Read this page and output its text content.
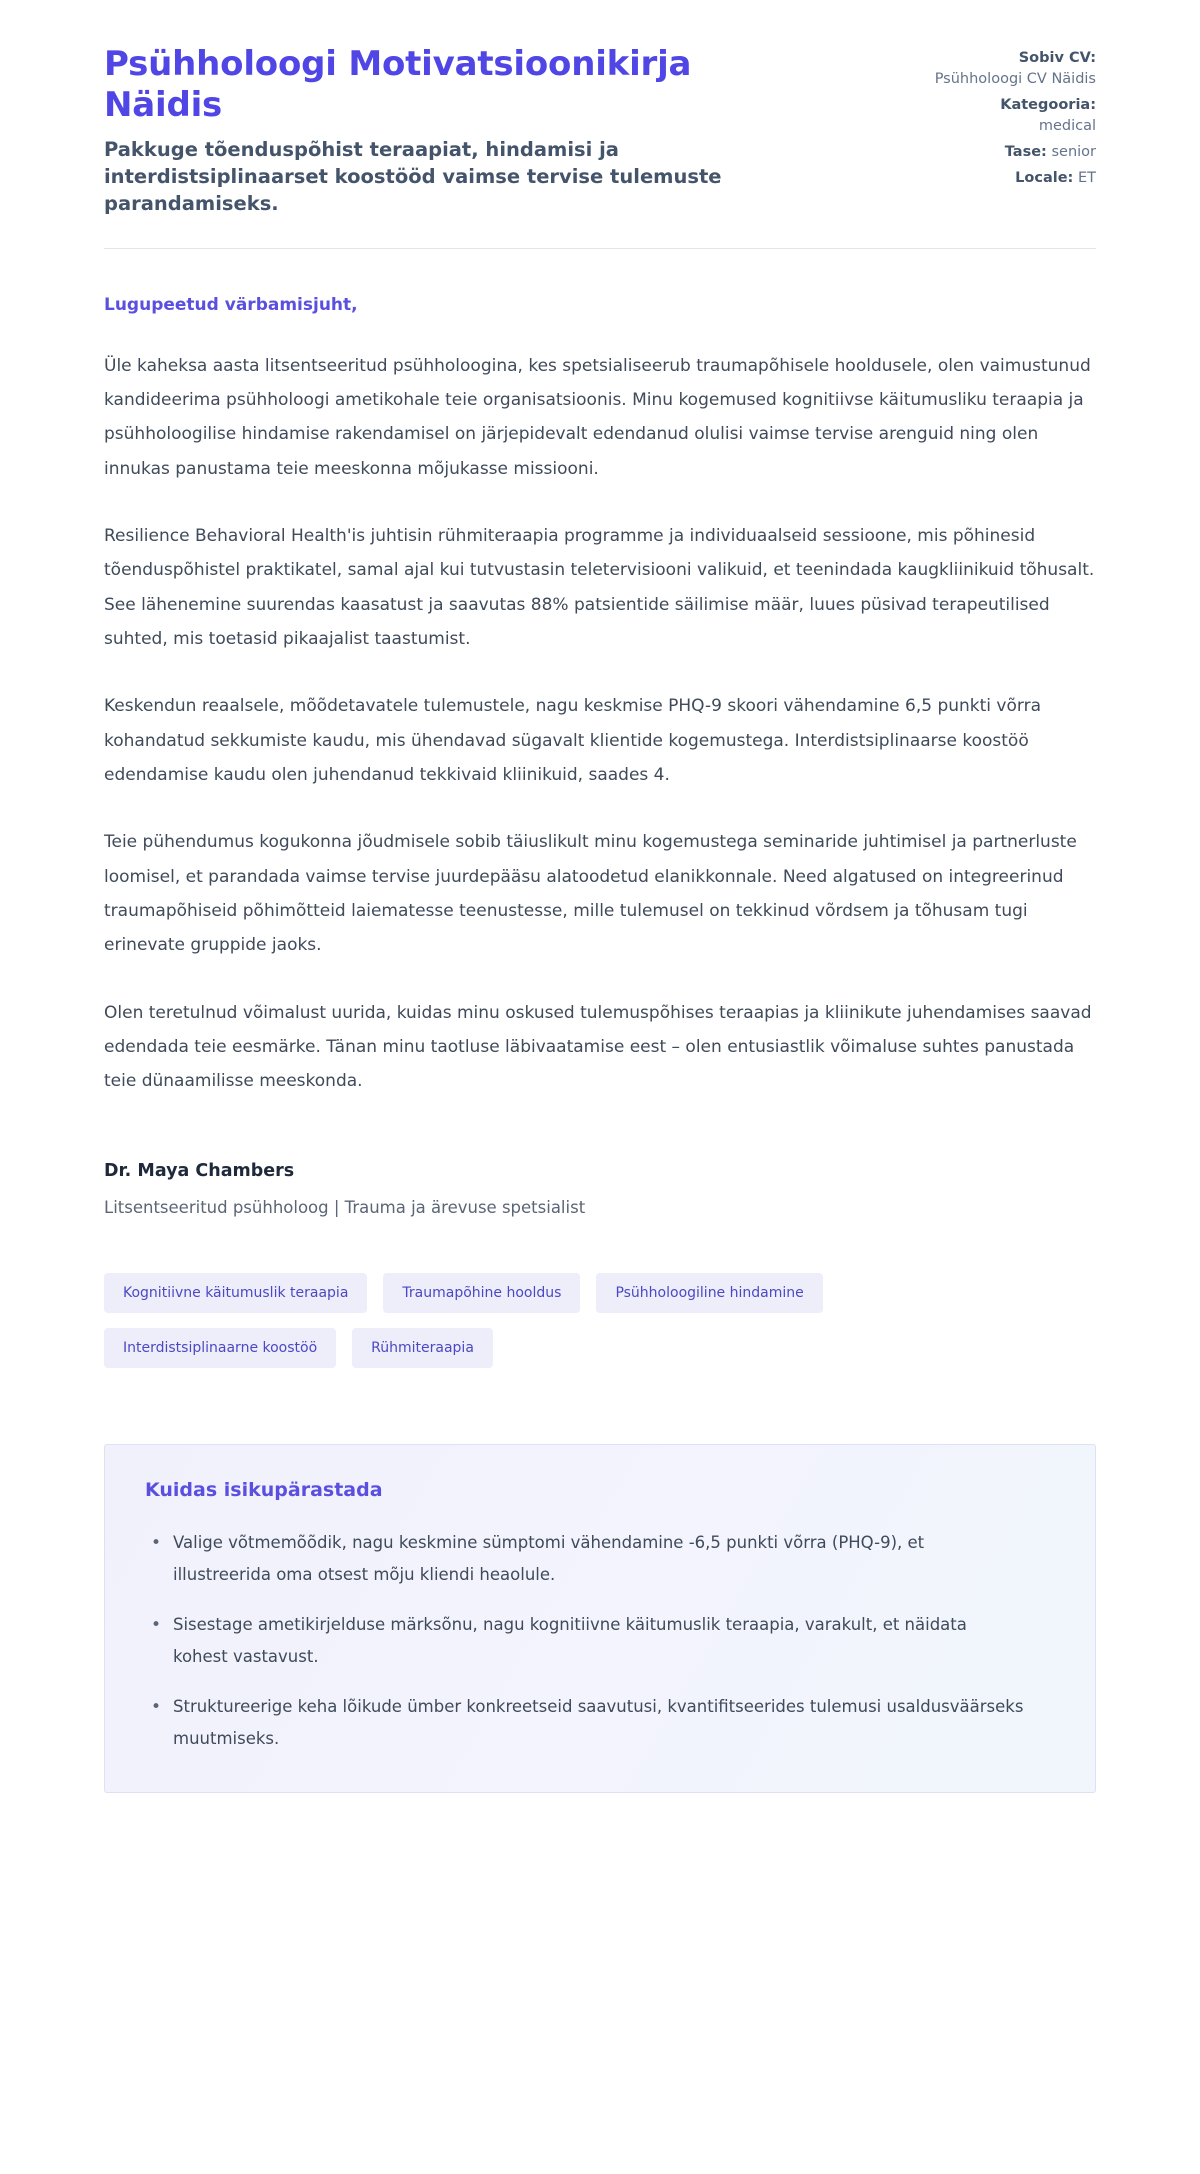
Psühholoogi Motivatsioonikirja Näidis

Pakkuge tõenduspõhist teraapiat, hindamisi ja interdistsiplinaarset koostööd vaimse tervise tulemuste parandamiseks.

Sobiv CV:
Psühholoogi CV Näidis
Kategooria:
medical
Tase: senior
Locale: ET

Lugupeetud värbamisjuht,

Üle kaheksa aasta litsentseeritud psühholoogina, kes spetsialiseerub traumapõhisele hooldusele, olen vaimustunud kandideerima psühholoogi ametikohale teie organisatsioonis. Minu kogemused kognitiivse käitumusliku teraapia ja psühholoogilise hindamise rakendamisel on järjepidevalt edendanud olulisi vaimse tervise arenguid ning olen innukas panustama teie meeskonna mõjukasse missiooni.

Resilience Behavioral Health'is juhtisin rühmiteraapia programme ja individuaalseid sessioone, mis põhinesid tõenduspõhistel praktikatel, samal ajal kui tutvustasin teletervisiooni valikuid, et teenindada kaugkliinikuid tõhusalt. See lähenemine suurendas kaasatust ja saavutas 88% patsientide säilimise määr, luues püsivad terapeutilised suhted, mis toetasid pikaajalist taastumist.

Keskendun reaalsele, mõõdetavatele tulemustele, nagu keskmise PHQ-9 skoori vähendamine 6,5 punkti võrra kohandatud sekkumiste kaudu, mis ühendavad sügavalt klientide kogemustega. Interdistsiplinaarse koostöö edendamise kaudu olen juhendanud tekkivaid kliinikuid, saades 4.

Teie pühendumus kogukonna jõudmisele sobib täiuslikult minu kogemustega seminaride juhtimisel ja partnerluste loomisel, et parandada vaimse tervise juurdepääsu alatoodetud elanikkonnale. Need algatused on integreerinud traumapõhiseid põhimõtteid laiematesse teenustesse, mille tulemusel on tekkinud võrdsem ja tõhusam tugi erinevate gruppide jaoks.

Olen teretulnud võimalust uurida, kuidas minu oskused tulemuspõhises teraapias ja kliinikute juhendamises saavad edendada teie eesmärke. Tänan minu taotluse läbivaatamise eest – olen entusiastlik võimaluse suhtes panustada teie dünaamilisse meeskonda.

Dr. Maya Chambers

Litsentseeritud psühholoog | Trauma ja ärevuse spetsialist

Kognitiivne käitumuslik teraapia	Traumapõhine hooldus	Psühholoogiline hindamine
Interdistsiplinaarne koostöö	Rühmiteraapia
Kuidas isikupärastada
• Valige võtmemõõdik, nagu keskmine sümptomi vähendamine -6,5 punkti võrra (PHQ-9), et illustreerida oma otsest mõju kliendi heaolule.
• Sisestage ametikirjelduse märksõnu, nagu kognitiivne käitumuslik teraapia, varakult, et näidata kohest vastavust.
• Struktureerige keha lõikude ümber konkreetseid saavutusi, kvantifitseerides tulemusi usaldusväärseks muutmiseks.
